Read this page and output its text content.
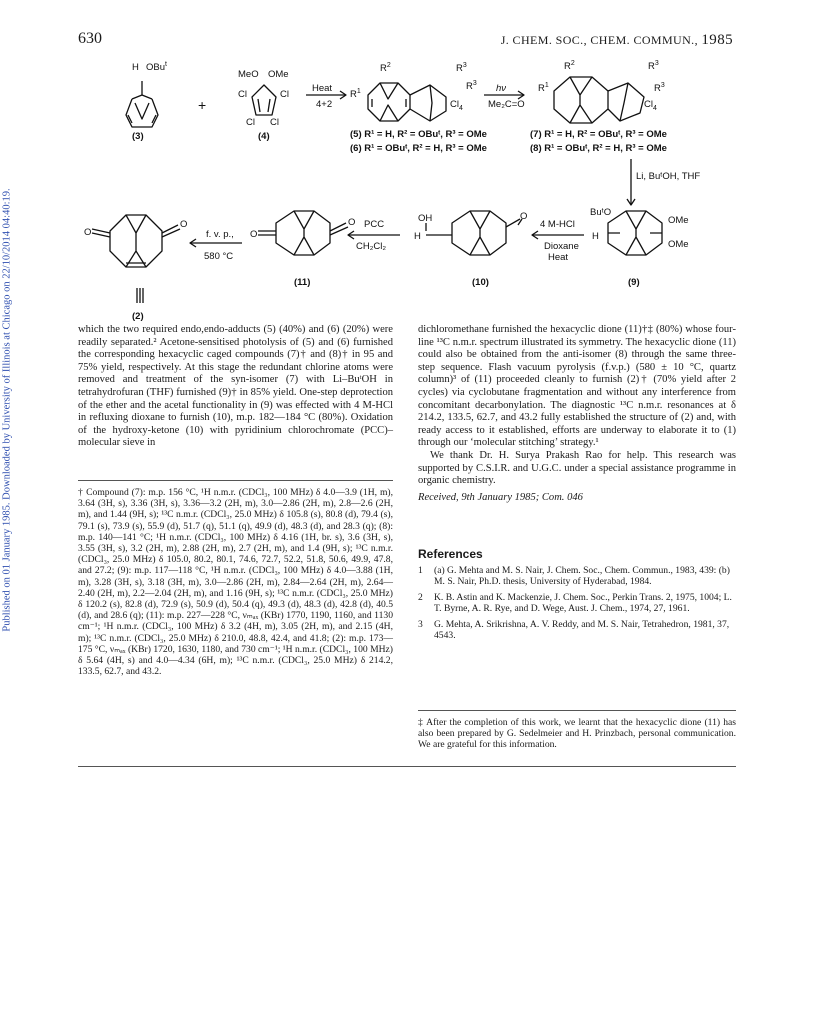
Published on 01 January 1985. Downloaded by University of Illinois at Chicago on 22/10/2014 04:40:19.
630	J. CHEM. SOC., CHEM. COMMUN., 1985
OBu$^t$
H
(3)
+
MeO OMe
Cl	Cl
Cl Cl
(4)
Heat
4+2
$R^1$
$R^2$	$R^3$
$R^3$
$Cl_4$
(5) R¹ = H, R² = OBuᵗ, R³ = OMe
(6) R¹ = OBuᵗ, R² = H, R³ = OMe
hν
Me₂C=O
$R^1$
$R^2$	$R^3$
$R^3$
$Cl_4$
(7) R¹ = H, R² = OBuᵗ, R³ = OMe
(8) R¹ = OBuᵗ, R² = H, R³ = OMe
Li, BuᵗOH, THF
BuᵗO
H
OMe
OMe
(9)
4 M-HCl
Dioxane
Heat
OH
H
O
(10)
PCC
CH₂Cl₂
O
O
(11)
f. v. p.,
580 °C
O
O
(2)

which the two required endo,endo-adducts (5) (40%) and (6) (20%) were readily separated.² Acetone-sensitised photolysis of (5) and (6) furnished the corresponding hexacyclic caged compounds (7)† and (8)† in 95 and 75% yield, respectively. At this stage the redundant chlorine atoms were removed and treatment of the syn-isomer (7) with Li–BuᵗOH in tetrahydrofuran (THF) furnished (9)† in 85% yield. One-step deprotection of the ether and the acetal functionality in (9) was effected with 4 M-HCl in refluxing dioxane to furnish (10), m.p. 182—184 °C (80%). Oxidation of the hydroxy-ketone (10) with pyridinium chlorochromate (PCC)–molecular sieve in

† Compound (7): m.p. 156 °C, ¹H n.m.r. (CDCl₃, 100 MHz) δ 4.0—3.9 (1H, m), 3.64 (3H, s), 3.36 (3H, s), 3.36—3.2 (2H, m), 3.0—2.86 (2H, m), 2.8—2.6 (2H, m), and 1.44 (9H, s); ¹³C n.m.r. (CDCl₃, 25.0 MHz) δ 105.8 (s), 80.8 (d), 79.4 (s), 79.1 (s), 73.9 (s), 55.9 (d), 51.7 (q), 51.1 (q), 49.9 (d), 48.3 (d), and 28.3 (q); (8): m.p. 140—141 °C; ¹H n.m.r. (CDCl₃, 100 MHz) δ 4.16 (1H, br. s), 3.6 (3H, s), 3.55 (3H, s), 3.2 (2H, m), 2.88 (2H, m), 2.7 (2H, m), and 1.4 (9H, s); ¹³C n.m.r. (CDCl₃, 25.0 MHz) δ 105.0, 80.2, 80.1, 74.6, 72.7, 52.2, 51.8, 50.6, 49.9, 47.8, and 27.2; (9): m.p. 117—118 °C, ¹H n.m.r. (CDCl₃, 100 MHz) δ 4.0—3.88 (1H, m), 3.28 (3H, s), 3.18 (3H, m), 3.0—2.86 (2H, m), 2.84—2.64 (2H, m), 2.64—2.40 (2H, m), 2.2—2.04 (2H, m), and 1.16 (9H, s); ¹³C n.m.r. (CDCl₃, 25.0 MHz) δ 120.2 (s), 82.8 (d), 72.9 (s), 50.9 (d), 50.4 (q), 49.3 (d), 48.3 (d), 42.8 (d), 40.5 (d), and 28.6 (q); (11): m.p. 227—228 °C, νₘₐₓ (KBr) 1770, 1190, 1160, and 1130 cm⁻¹; ¹H n.m.r. (CDCl₃, 100 MHz) δ 3.2 (4H, m), 3.05 (2H, m), and 2.15 (4H, m); ¹³C n.m.r. (CDCl₃, 25.0 MHz) δ 210.0, 48.8, 42.4, and 41.8; (2): m.p. 173—175 °C, νₘₐₓ (KBr) 1720, 1630, 1180, and 730 cm⁻¹; ¹H n.m.r. (CDCl₃, 100 MHz) δ 5.64 (4H, s) and 4.0—4.34 (6H, m); ¹³C n.m.r. (CDCl₃, 25.0 MHz) δ 214.2, 133.5, 62.7, and 43.2.

dichloromethane furnished the hexacyclic dione (11)†‡ (80%) whose four-line ¹³C n.m.r. spectrum illustrated its symmetry. The hexacyclic dione (11) could also be obtained from the anti-isomer (8) through the same three-step sequence. Flash vacuum pyrolysis (f.v.p.) (580 ± 10 °C, quartz column)³ of (11) proceeded cleanly to furnish (2)† (70% yield after 2 cycles) via cyclobutane fragmentation and without any interference from concomitant decarbonylation. The diagnostic ¹³C n.m.r. resonances at δ 214.2, 133.5, 62.7, and 43.2 fully established the structure of (2) and, with ready access to it established, efforts are underway to elaborate it to (1) through our ‘molecular stitching’ strategy.¹

We thank Dr. H. Surya Prakash Rao for help. This research was supported by C.S.I.R. and U.G.C. under a special assistance programme in organic chemistry.

Received, 9th January 1985; Com. 046

References
1 (a) G. Mehta and M. S. Nair, J. Chem. Soc., Chem. Commun., 1983, 439: (b) M. S. Nair, Ph.D. thesis, University of Hyderabad, 1984.
2 K. B. Astin and K. Mackenzie, J. Chem. Soc., Perkin Trans. 2, 1975, 1004; L. T. Byrne, A. R. Rye, and D. Wege, Aust. J. Chem., 1974, 27, 1961.
3 G. Mehta, A. Srikrishna, A. V. Reddy, and M. S. Nair, Tetrahedron, 1981, 37, 4543.
‡ After the completion of this work, we learnt that the hexacyclic dione (11) has also been prepared by G. Sedelmeier and H. Prinzbach, personal communication. We are grateful for this information.
